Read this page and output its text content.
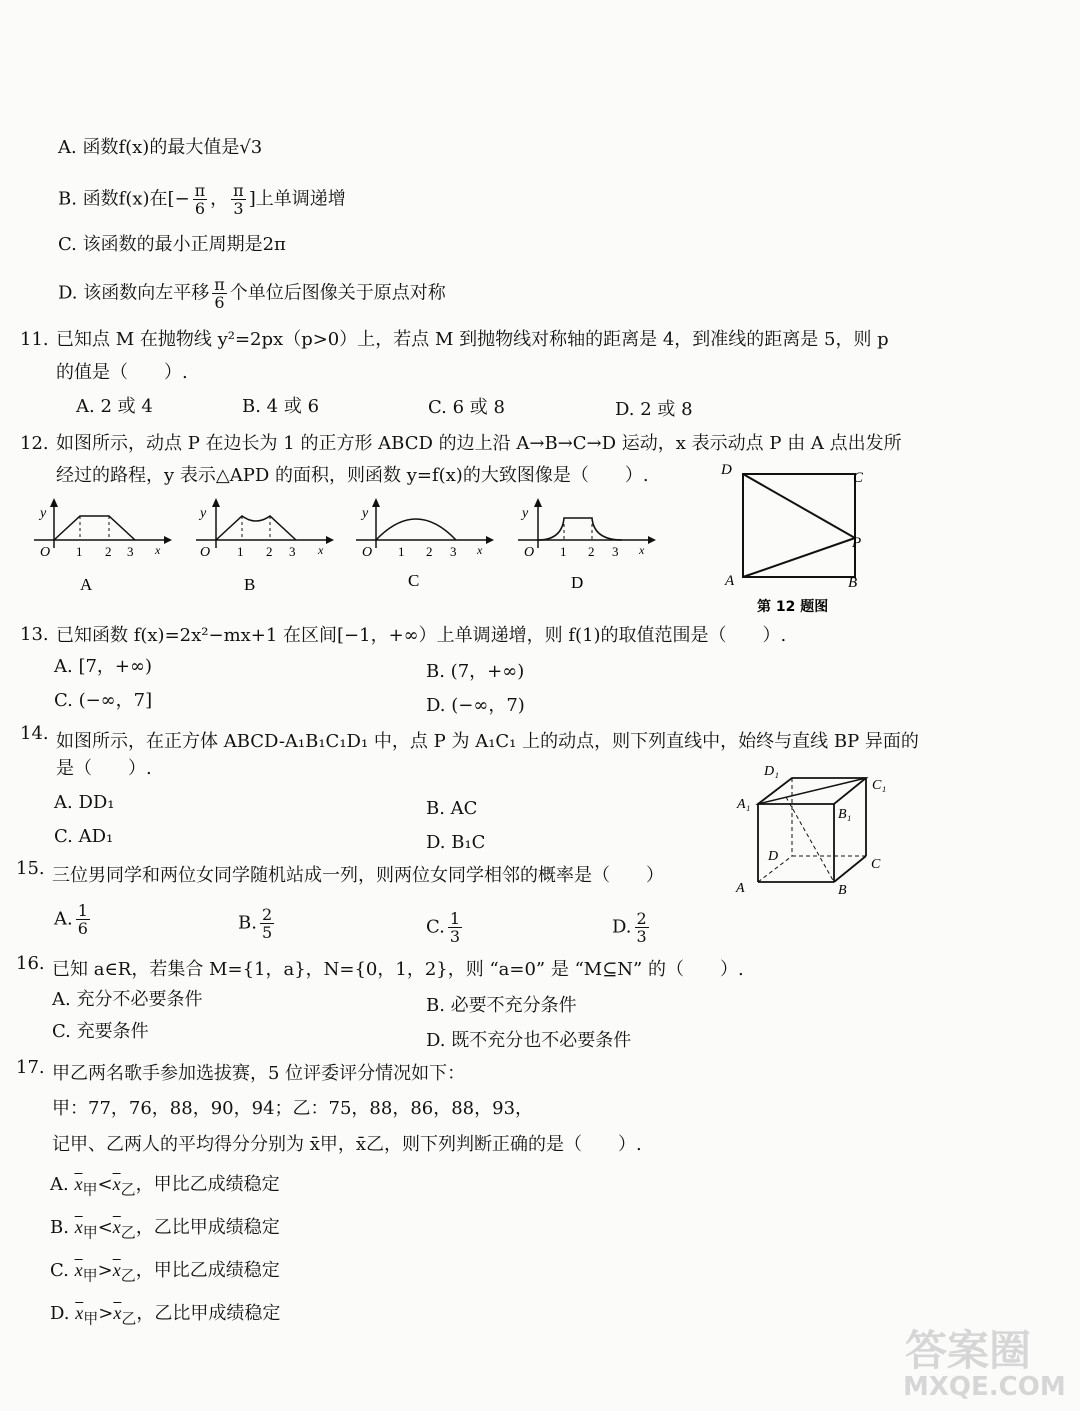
A. 函数f(x)的最大值是√3
B. 函数f(x)在[− $\frac{\pi}{6}$ ， $\frac{\pi}{3}$ ]上单调递增
C. 该函数的最小正周期是2π
D. 该函数向左平移 $\frac{\pi}{6}$ 个单位后图像关于原点对称
11. 已知点 M 在抛物线 y²=2px（p>0）上，若点 M 到抛物线对称轴的距离是 4，到准线的距离是 5，则 p
的值是（　　）.
A. 2 或 4	B. 4 或 6	C. 6 或 8	D. 2 或 8
12. 如图所示，动点 P 在边长为 1 的正方形 ABCD 的边上沿 A→B→C→D 运动，x 表示动点 P 由 A 点出发所
经过的路程，y 表示△APD 的面积，则函数 y=f(x)的大致图像是（　　）.
y
O 1 2 3 x
A
y
O 1 2 3 x
B
y
O 1 2 3 x
C
y
O 1 2 3 x
D
D	C
P
A	B
第 12 题图
13. 已知函数 f(x)=2x²−mx+1 在区间[−1，+∞）上单调递增，则 f(1)的取值范围是（　　）.
A. [7，+∞)	B. (7，+∞)
C. (−∞，7]	D. (−∞，7)
14. 如图所示，在正方体 ABCD-A₁B₁C₁D₁ 中，点 P 为 A₁C₁ 上的动点，则下列直线中，始终与直线 BP 异面的
是（　　）.
A. DD₁	B. AC
C. AD₁	D. B₁C
D₁
C₁
A₁
B₁
D
C
A	B
15. 三位男同学和两位女同学随机站成一列，则两位女同学相邻的概率是（　　）
A. $\frac{1}{6}$	B. $\frac{2}{5}$	C. $\frac{1}{3}$	D. $\frac{2}{3}$
16. 已知 a∈R，若集合 M={1，a}，N={0，1，2}，则 “a=0” 是 “M⊆N” 的（　　）.
A. 充分不必要条件	B. 必要不充分条件
C. 充要条件	D. 既不充分也不必要条件
17. 甲乙两名歌手参加选拔赛，5 位评委评分情况如下：
甲：77，76，88，90，94；乙：75，88，86，88，93，
记甲、乙两人的平均得分分别为 x̄甲，x̄乙，则下列判断正确的是（　　）.
A. $\overline{x}_甲<\overline{x}_乙$，甲比乙成绩稳定
B. $\overline{x}_甲<\overline{x}_乙$，乙比甲成绩稳定
C. $\overline{x}_甲>\overline{x}_乙$，甲比乙成绩稳定
D. $\overline{x}_甲>\overline{x}_乙$，乙比甲成绩稳定
答案圈
MXQE.COM
